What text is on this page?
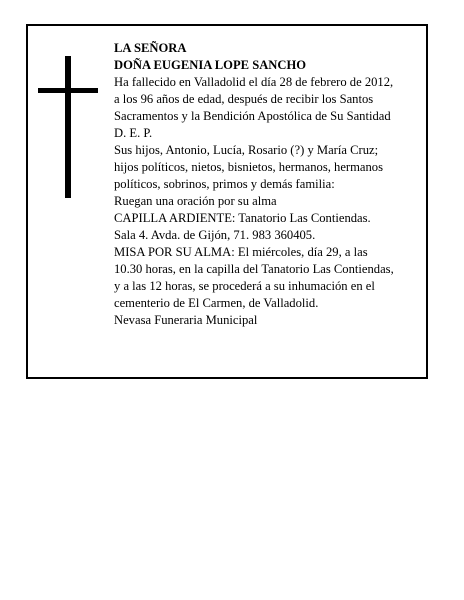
LA SEÑORA

DOÑA EUGENIA LOPE SANCHO

Ha fallecido en Valladolid el día 28 de febrero de 2012,
a los 96 años de edad, después de recibir los Santos
Sacramentos y la Bendición Apostólica de Su Santidad
D. E. P.

Sus hijos, Antonio, Lucía, Rosario (?) y María Cruz;
hijos políticos, nietos, bisnietos, hermanos, hermanos
políticos, sobrinos, primos y demás familia:

Ruegan una oración por su alma

CAPILLA ARDIENTE: Tanatorio Las Contiendas.
Sala 4. Avda. de Gijón, 71. 983 360405.

MISA POR SU ALMA: El miércoles, día 29, a las
10.30 horas, en la capilla del Tanatorio Las Contiendas,
y a las 12 horas, se procederá a su inhumación en el
cementerio de El Carmen, de Valladolid.

Nevasa Funeraria Municipal
